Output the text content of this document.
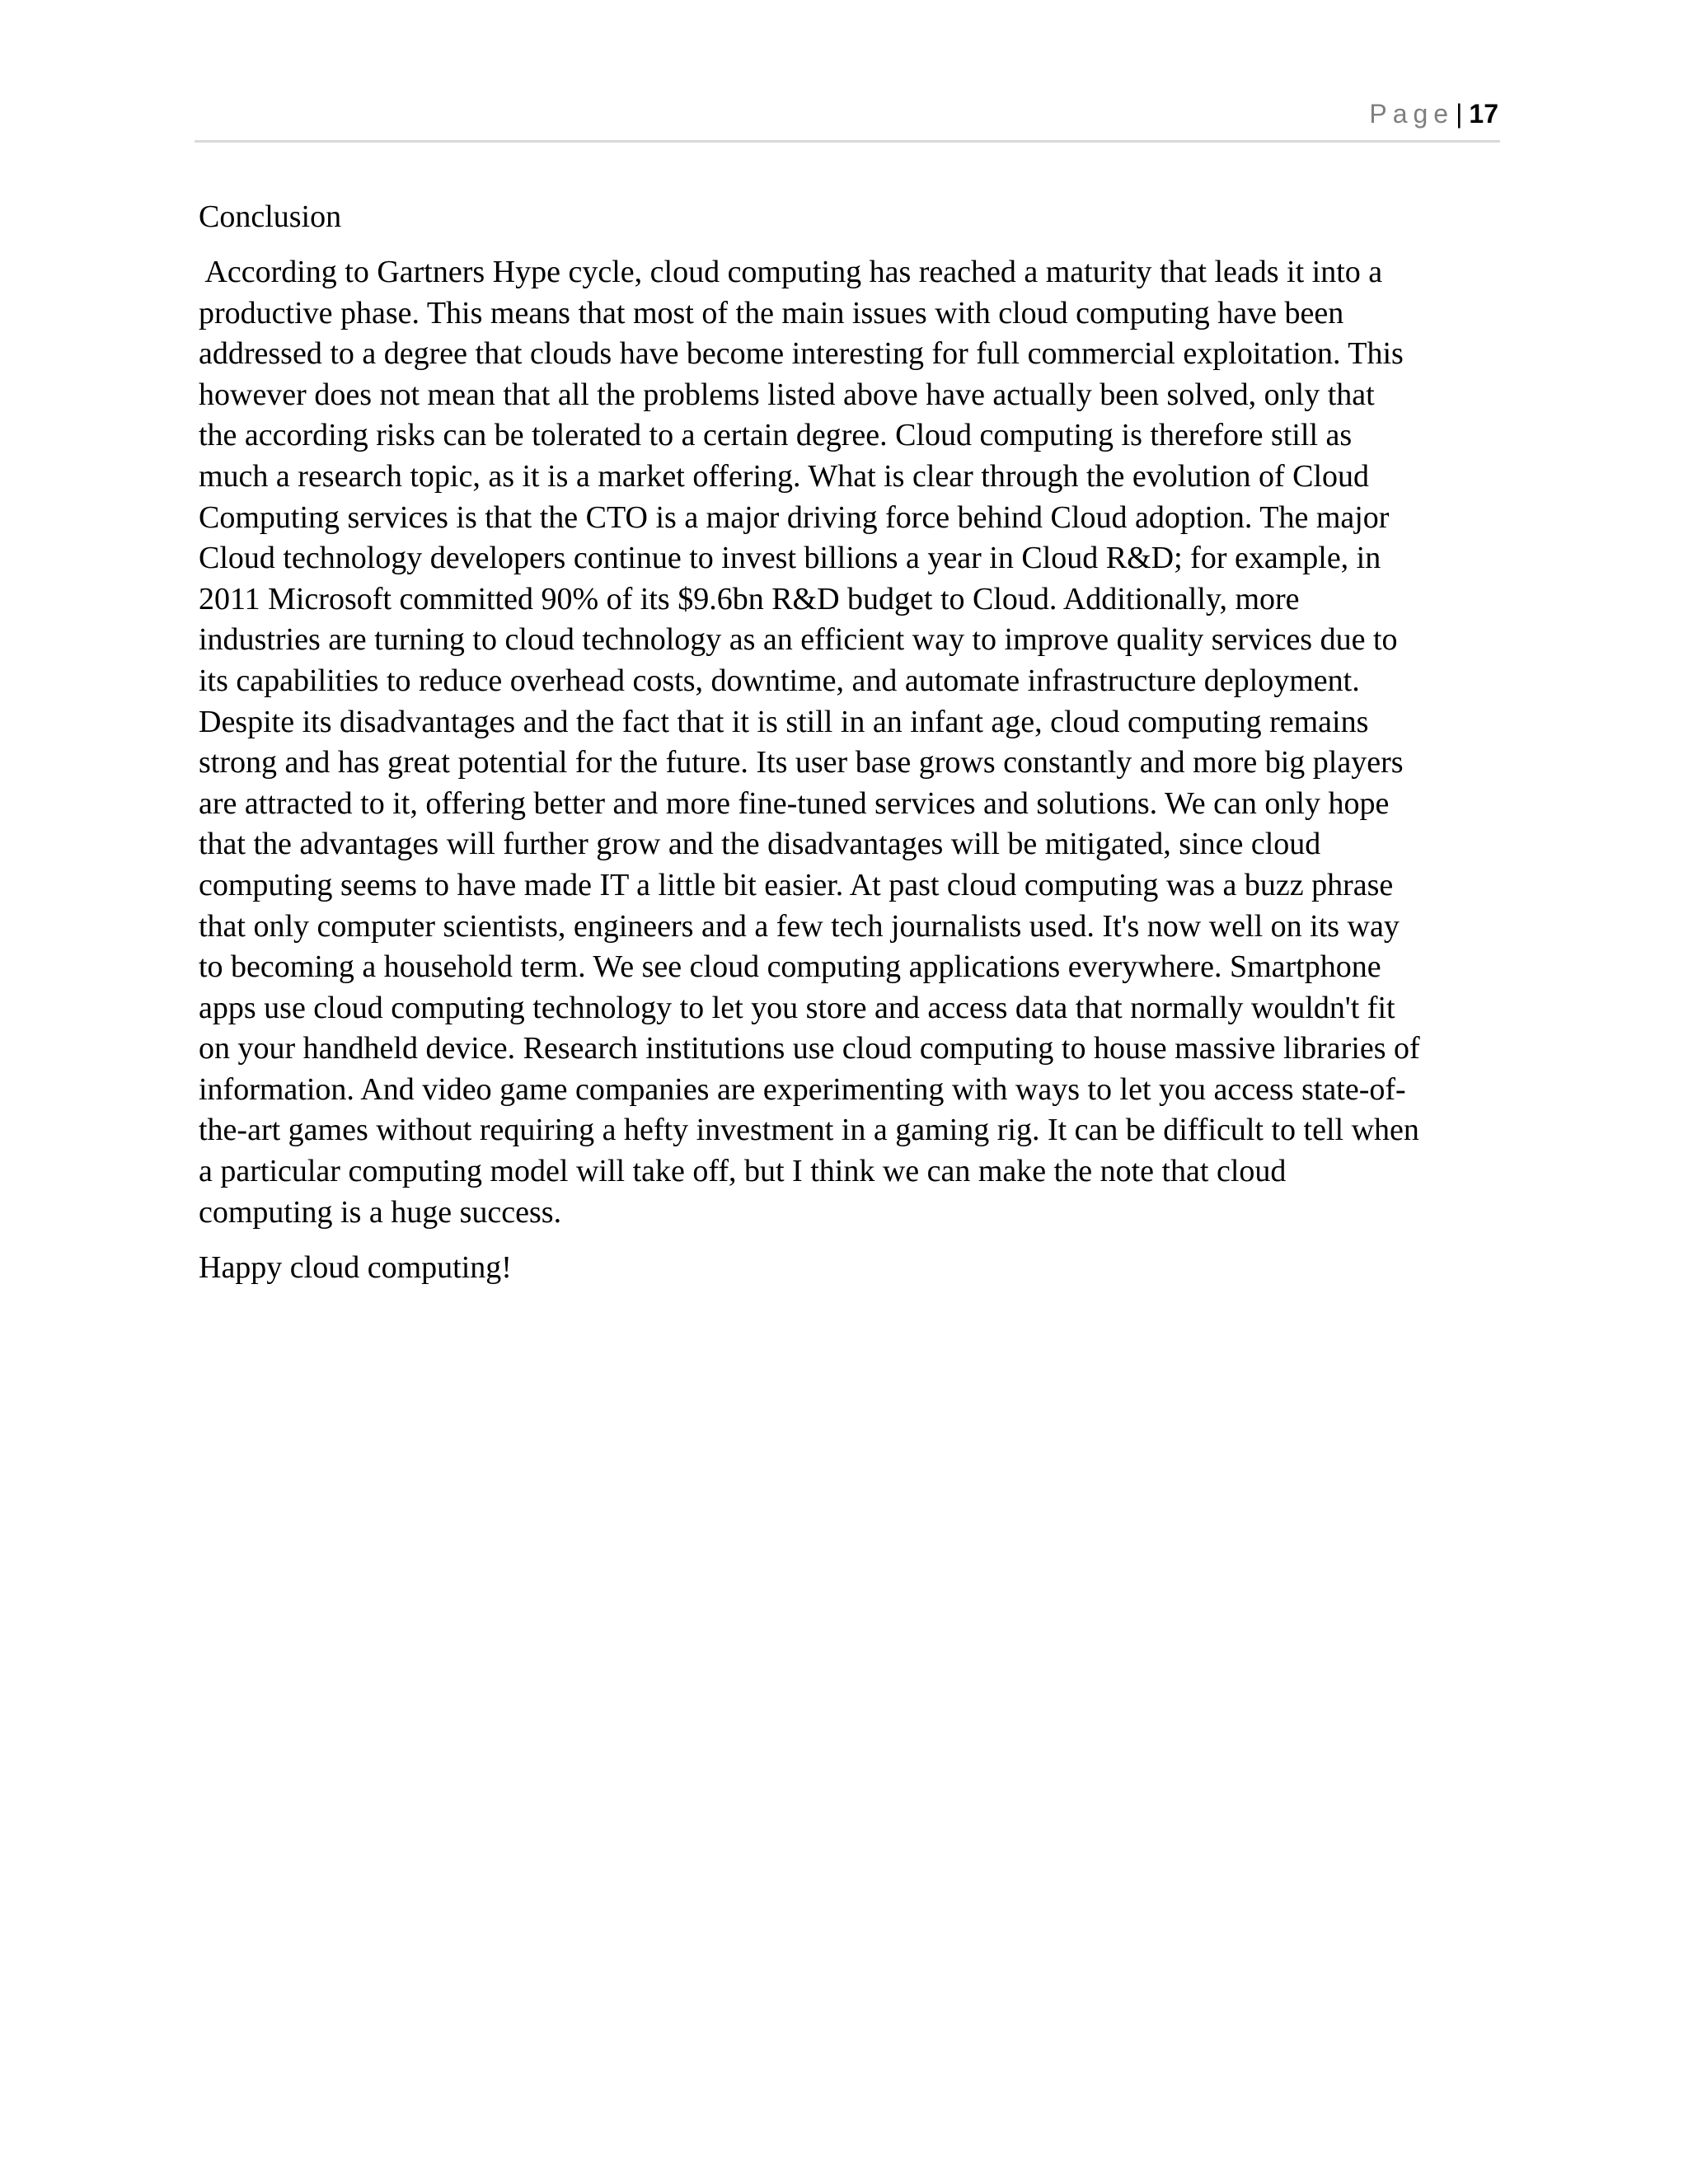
Page| 17
Conclusion

According to Gartners Hype cycle, cloud computing has reached a maturity that leads it into a
productive phase. This means that most of the main issues with cloud computing have been
addressed to a degree that clouds have become interesting for full commercial exploitation. This
however does not mean that all the problems listed above have actually been solved, only that
the according risks can be tolerated to a certain degree. Cloud computing is therefore still as
much a research topic, as it is a market offering. What is clear through the evolution of Cloud
Computing services is that the CTO is a major driving force behind Cloud adoption. The major
Cloud technology developers continue to invest billions a year in Cloud R&D; for example, in
2011 Microsoft committed 90% of its $9.6bn R&D budget to Cloud. Additionally, more
industries are turning to cloud technology as an efficient way to improve quality services due to
its capabilities to reduce overhead costs, downtime, and automate infrastructure deployment.
Despite its disadvantages and the fact that it is still in an infant age, cloud computing remains
strong and has great potential for the future. Its user base grows constantly and more big players
are attracted to it, offering better and more fine-tuned services and solutions. We can only hope
that the advantages will further grow and the disadvantages will be mitigated, since cloud
computing seems to have made IT a little bit easier. At past cloud computing was a buzz phrase
that only computer scientists, engineers and a few tech journalists used. It's now well on its way
to becoming a household term. We see cloud computing applications everywhere. Smartphone
apps use cloud computing technology to let you store and access data that normally wouldn't fit
on your handheld device. Research institutions use cloud computing to house massive libraries of
information. And video game companies are experimenting with ways to let you access state-of-
the-art games without requiring a hefty investment in a gaming rig. It can be difficult to tell when
a particular computing model will take off, but I think we can make the note that cloud
computing is a huge success.

Happy cloud computing!
